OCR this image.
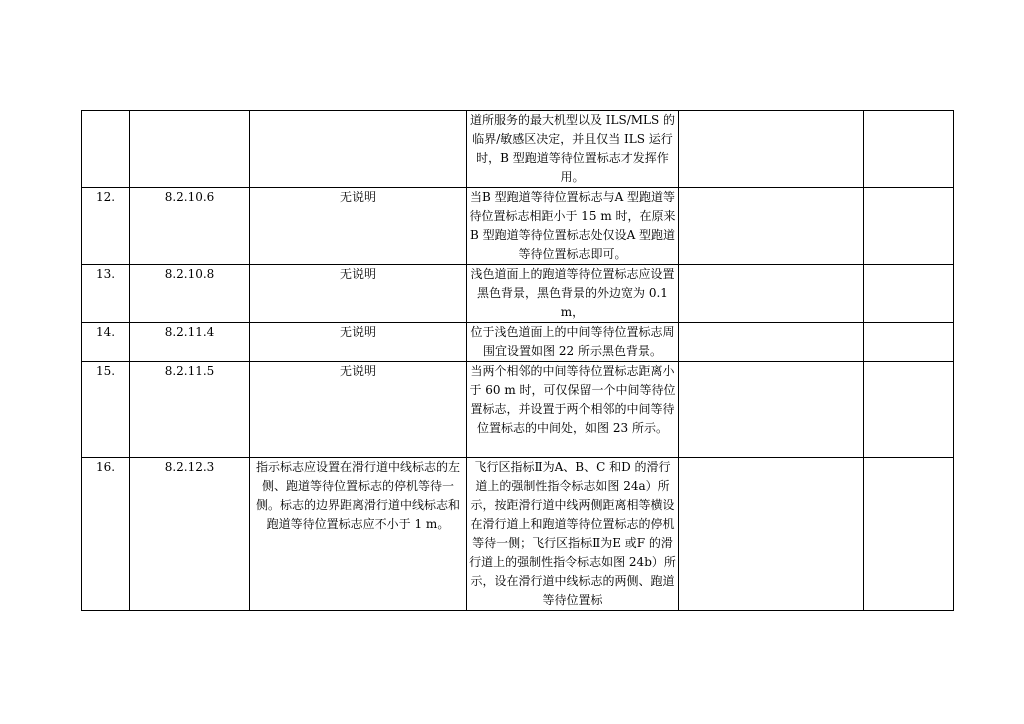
			道所服务的最大机型以及 ILS/MLS 的临界/敏感区决定，并且仅当 ILS 运行时，B 型跑道等待位置标志才发挥作用。		
12.	8.2.10.6	无说明	当B 型跑道等待位置标志与A 型跑道等待位置标志相距小于 15 m 时，在原来B 型跑道等待位置标志处仅设A 型跑道等待位置标志即可。		
13.	8.2.10.8	无说明	浅色道面上的跑道等待位置标志应设置黑色背景，黑色背景的外边宽为 0.1 m，		
14.	8.2.11.4	无说明	位于浅色道面上的中间等待位置标志周围宜设置如图 22 所示黑色背景。		
15.	8.2.11.5	无说明	当两个相邻的中间等待位置标志距离小于 60 m 时，可仅保留一个中间等待位置标志，并设置于两个相邻的中间等待位置标志的中间处，如图 23 所示。		
16.	8.2.12.3	指示标志应设置在滑行道中线标志的左侧、跑道等待位置标志的停机等待一侧。标志的边界距离滑行道中线标志和跑道等待位置标志应不小于 1 m。	飞行区指标Ⅱ为A、B、C 和D 的滑行道上的强制性指令标志如图 24a）所示，按距滑行道中线两侧距离相等横设在滑行道上和跑道等待位置标志的停机等待一侧；飞行区指标Ⅱ为E 或F 的滑行道上的强制性指令标志如图 24b）所示，设在滑行道中线标志的两侧、跑道等待位置标		
